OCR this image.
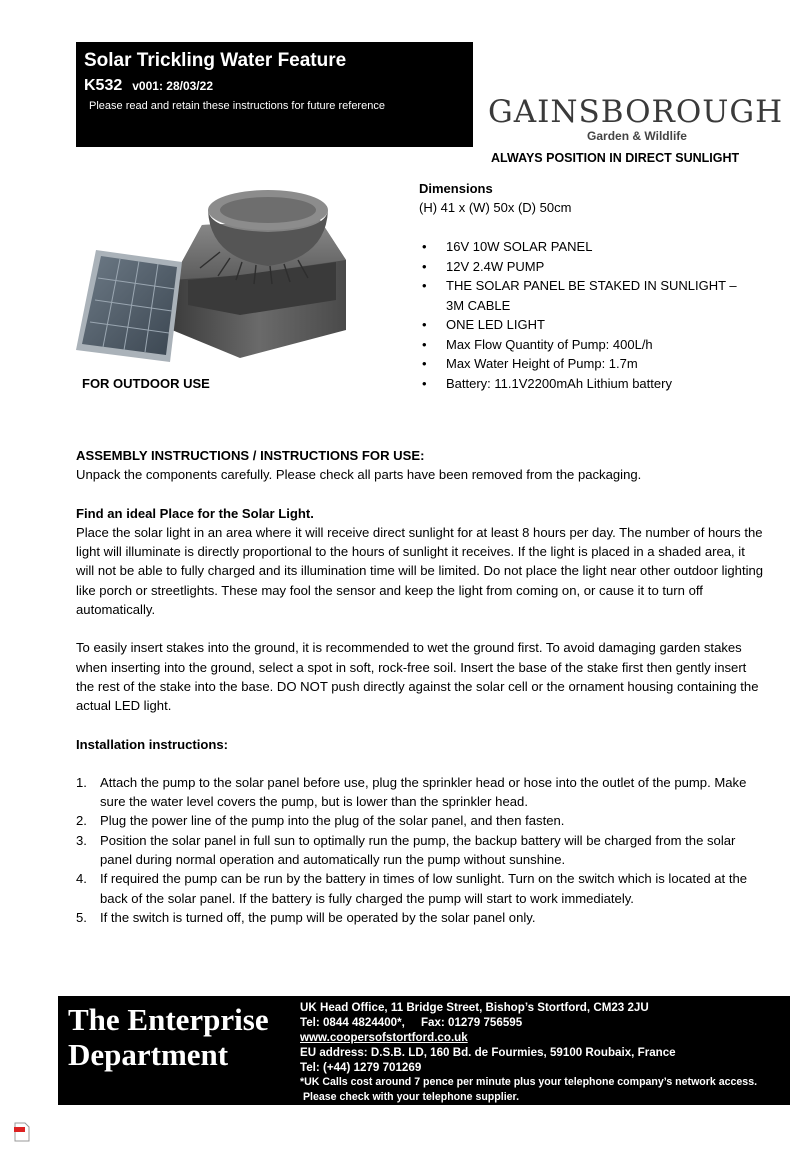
Solar Trickling Water Feature
K532 v001: 28/03/22
Please read and retain these instructions for future reference	GAINSBOROUGH
Garden & Wildlife
ALWAYS POSITION IN DIRECT SUNLIGHT
FOR OUTDOOR USE
Dimensions
(H) 41 x (W) 50x (D) 50cm
• 16V 10W SOLAR PANEL
• 12V 2.4W PUMP
• THE SOLAR PANEL BE STAKED IN SUNLIGHT – 3M CABLE
• ONE LED LIGHT
• Max Flow Quantity of Pump: 400L/h
• Max Water Height of Pump: 1.7m
• Battery: 11.1V2200mAh Lithium battery

ASSEMBLY INSTRUCTIONS / INSTRUCTIONS FOR USE:

Unpack the components carefully. Please check all parts have been removed from the packaging.

Find an ideal Place for the Solar Light.

Place the solar light in an area where it will receive direct sunlight for at least 8 hours per day. The number of hours the light will illuminate is directly proportional to the hours of sunlight it receives. If the light is placed in a shaded area, it will not be able to fully charged and its illumination time will be limited. Do not place the light near other outdoor lighting like porch or streetlights. These may fool the sensor and keep the light from coming on, or cause it to turn off automatically.

To easily insert stakes into the ground, it is recommended to wet the ground first. To avoid damaging garden stakes when inserting into the ground, select a spot in soft, rock-free soil. Insert the base of the stake first then gently insert the rest of the stake into the base. DO NOT push directly against the solar cell or the ornament housing containing the actual LED light.

Installation instructions:

1. Attach the pump to the solar panel before use, plug the sprinkler head or hose into the outlet of the pump. Make sure the water level covers the pump, but is lower than the sprinkler head.
2. Plug the power line of the pump into the plug of the solar panel, and then fasten.
3. Position the solar panel in full sun to optimally run the pump, the backup battery will be charged from the solar panel during normal operation and automatically run the pump without sunshine.
4. If required the pump can be run by the battery in times of low sunlight. Turn on the switch which is located at the back of the solar panel. If the battery is fully charged the pump will start to work immediately.
5. If the switch is turned off, the pump will be operated by the solar panel only.
The Enterprise
Department
UK Head Office, 11 Bridge Street, Bishop’s Stortford, CM23 2JU
Tel: 0844 4824400*,     Fax: 01279 756595
www.coopersofstortford.co.uk
EU address: D.S.B. LD, 160 Bd. de Fourmies, 59100 Roubaix, France
Tel: (+44) 1279 701269
*UK Calls cost around 7 pence per minute plus your telephone company’s network access.
Please check with your telephone supplier.
